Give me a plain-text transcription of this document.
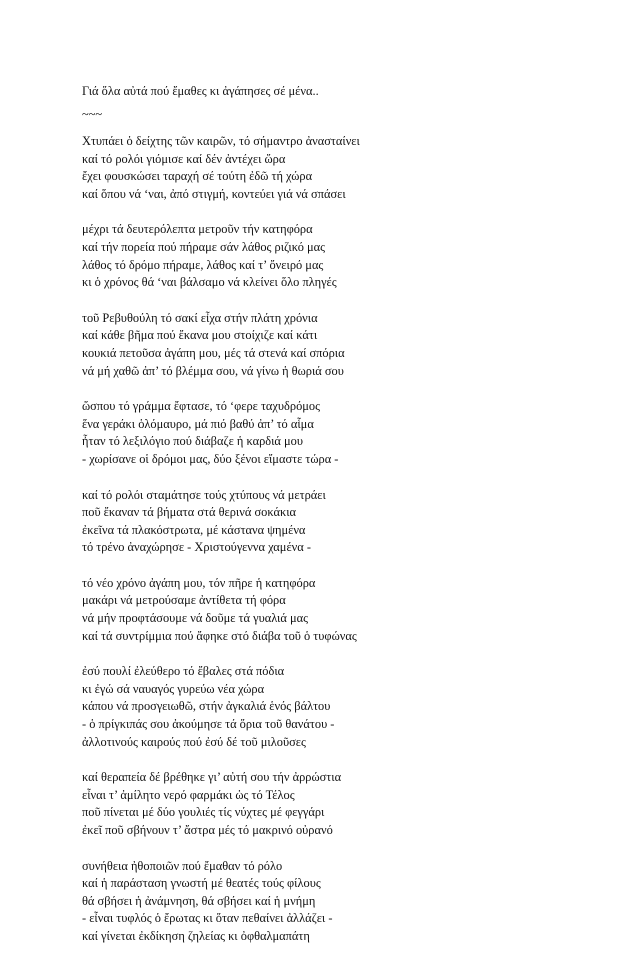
Γιά ὅλα αὐτά πού ἔμαθες κι ἀγάπησες σέ μένα..
~~~
Χτυπάει ὁ δείχτης τῶν καιρῶν, τό σήμαντρο ἀνασταίνει
καί τό ρολόι γιόμισε καί δέν ἀντέχει ὥρα
ἔχει φουσκώσει ταραχή σέ τούτη ἐδῶ τή χώρα
καί ὅπου νά ‘ναι, ἀπό στιγμή, κοντεύει γιά νά σπάσει
μέχρι τά δευτερόλεπτα μετροῦν τήν κατηφόρα
καί τήν πορεία πού πήραμε σάν λάθος ριζικό μας
λάθος τό δρόμο πήραμε, λάθος καί τ’ ὄνειρό μας
κι ὁ χρόνος θά ‘ναι βάλσαμο νά κλείνει ὅλο πληγές
τοῦ Ρεβυθούλη τό σακί εἶχα στήν πλάτη χρόνια
καί κάθε βῆμα πού ἔκανα μου στοίχιζε καί κάτι
κουκιά πετοῦσα ἀγάπη μου, μές τά στενά καί σπόρια
νά μή χαθῶ ἀπ’ τό βλέμμα σου, νά γίνω ἡ θωριά σου
ὥσπου τό γράμμα ἔφτασε, τό ‘φερε ταχυδρόμος
ἕνα γεράκι ὁλόμαυρο, μά πιό βαθύ ἀπ’ τό αἷμα
ἦταν τό λεξιλόγιο πού διάβαζε ἡ καρδιά μου
- χωρίσανε οἱ δρόμοι μας, δύο ξένοι εἴμαστε τώρα -
καί τό ρολόι σταμάτησε τούς χτύπους νά μετράει
ποῦ ἔκαναν τά βήματα στά θερινά σοκάκια
ἐκεῖνα τά πλακόστρωτα, μέ κάστανα ψημένα
τό τρένο ἀναχώρησε - Χριστούγεννα χαμένα -
τό νέο χρόνο ἀγάπη μου, τόν πῆρε ἡ κατηφόρα
μακάρι νά μετρούσαμε ἀντίθετα τή φόρα
νά μήν προφτάσουμε νά δοῦμε τά γυαλιά μας
καί τά συντρίμμια πού ἄφηκε στό διάβα τοῦ ὁ τυφώνας
ἐσύ πουλί ἐλεύθερο τό ἔβαλες στά πόδια
κι ἐγώ σά ναυαγός γυρεύω νέα χώρα
κάπου νά προσγειωθῶ, στήν ἀγκαλιά ἑνός βάλτου
- ὁ πρίγκιπάς σου ἀκούμησε τά ὅρια τοῦ θανάτου -
ἀλλοτινούς καιρούς πού ἐσύ δέ τοῦ μιλοῦσες
καί θεραπεία δέ βρέθηκε γι’ αὐτή σου τήν ἀρρώστια
εἶναι τ’ ἀμίλητο νερό φαρμάκι ὡς τό Τέλος
ποῦ πίνεται μέ δύο γουλιές τίς νύχτες μέ φεγγάρι
ἐκεῖ ποῦ σβήνουν τ’ ἄστρα μές τό μακρινό οὐρανό
συνήθεια ἠθοποιῶν πού ἔμαθαν τό ρόλο
καί ἡ παράσταση γνωστή μέ θεατές τούς φίλους
θά σβήσει ἡ ἀνάμνηση, θά σβήσει καί ἡ μνήμη
- εἶναι τυφλός ὁ ἔρωτας κι ὅταν πεθαίνει ἀλλάζει -
καί γίνεται ἐκδίκηση ζηλείας κι ὀφθαλμαπάτη
